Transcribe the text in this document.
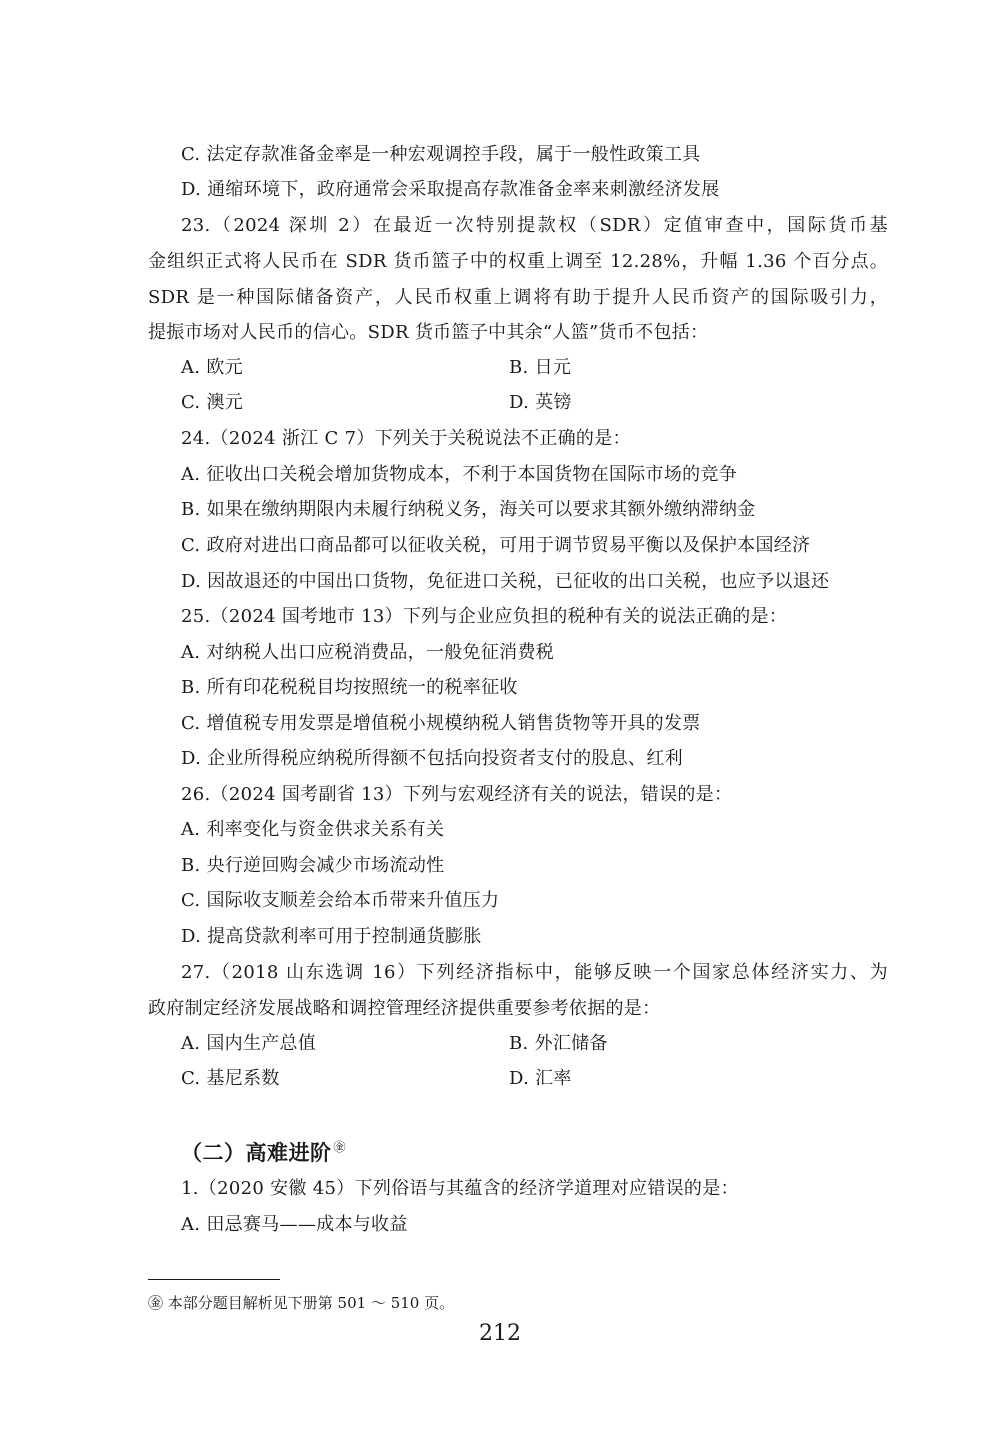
C. 法定存款准备金率是一种宏观调控手段，属于一般性政策工具
D. 通缩环境下，政府通常会采取提高存款准备金率来刺激经济发展
23.（2024 深圳 2）在最近一次特别提款权（SDR）定值审查中，国际货币基
金组织正式将人民币在 SDR 货币篮子中的权重上调至 12.28%，升幅 1.36 个百分点。
SDR 是一种国际储备资产，人民币权重上调将有助于提升人民币资产的国际吸引力，
提振市场对人民币的信心。SDR 货币篮子中其余“人篮”货币不包括：
A. 欧元	B. 日元
C. 澳元	D. 英镑
24.（2024 浙江 C 7）下列关于关税说法不正确的是：
A. 征收出口关税会增加货物成本，不利于本国货物在国际市场的竞争
B. 如果在缴纳期限内未履行纳税义务，海关可以要求其额外缴纳滞纳金
C. 政府对进出口商品都可以征收关税，可用于调节贸易平衡以及保护本国经济
D. 因故退还的中国出口货物，免征进口关税，已征收的出口关税，也应予以退还
25.（2024 国考地市 13）下列与企业应负担的税种有关的说法正确的是：
A. 对纳税人出口应税消费品，一般免征消费税
B. 所有印花税税目均按照统一的税率征收
C. 增值税专用发票是增值税小规模纳税人销售货物等开具的发票
D. 企业所得税应纳税所得额不包括向投资者支付的股息、红利
26.（2024 国考副省 13）下列与宏观经济有关的说法，错误的是：
A. 利率变化与资金供求关系有关
B. 央行逆回购会减少市场流动性
C. 国际收支顺差会给本币带来升值压力
D. 提高贷款利率可用于控制通货膨胀
27.（2018 山东选调 16）下列经济指标中，能够反映一个国家总体经济实力、为
政府制定经济发展战略和调控管理经济提供重要参考依据的是：
A. 国内生产总值	B. 外汇储备
C. 基尼系数	D. 汇率
（二）高难进阶 ㊎
1.（2020 安徽 45）下列俗语与其蕴含的经济学道理对应错误的是：
A. 田忌赛马——成本与收益
㊎ 本部分题目解析见下册第 501 ～ 510 页。
212
